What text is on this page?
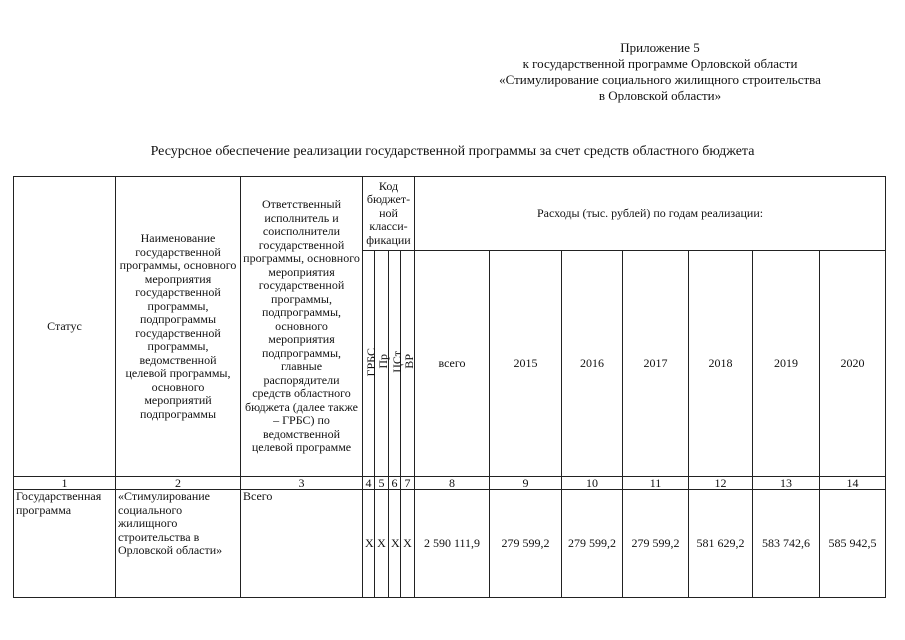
Приложение 5
к государственной программе Орловской области
«Стимулирование социального жилищного строительства
в Орловской области»
Ресурсное обеспечение реализации государственной программы за счет средств областного бюджета
Статус	Наименование государственной программы, основного мероприятия государственной программы, подпрограммы государственной программы, ведомственной целевой программы, основного мероприятий подпрограммы	Ответственный исполнитель и соисполнители государственной программы, основного мероприятия государственной программы, подпрограммы, основного мероприятия подпрограммы, главные распорядители средств областного бюджета (далее также – ГРБС) по ведомственной целевой программе	Код бюджет-ной класси-фикации				Расходы (тыс. рублей) по годам реализации:						
			ГРБС	Пр	ЦСт	ВР	всего	2015	2016	2017	2018	2019	2020
1	2	3	4	5	6	7	8	9	10	11	12	13	14
Государственная программа	«Стимулирование социального жилищного строительства в Орловской области»	Всего	Х	Х	Х	Х	2 590 111,9	279 599,2	279 599,2	279 599,2	581 629,2	583 742,6	585 942,5
